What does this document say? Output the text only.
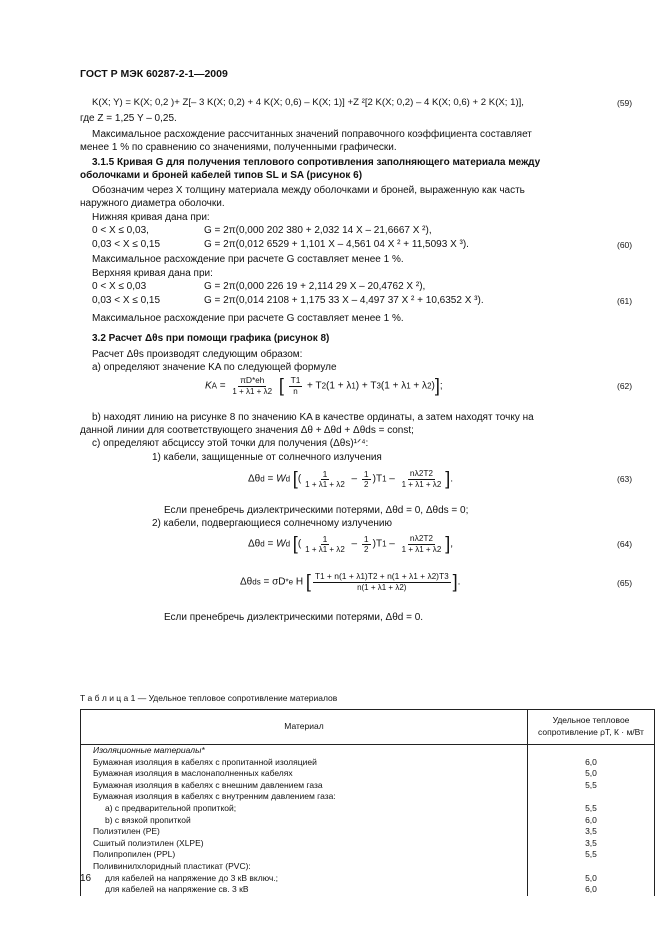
ГОСТ Р МЭК 60287-2-1—2009
K(X; Y) = K(X; 0,2 )+ Z[– 3 K(X; 0,2) + 4 K(X; 0,6) – K(X; 1)] +Z ²[2 K(X; 0,2) – 4 K(X; 0,6) + 2 K(X; 1)],	(59)
где Z = 1,25 Y – 0,25.
Максимальное расхождение рассчитанных значений поправочного коэффициента составляет
менее 1 % по сравнению со значениями, полученными графически.
3.1.5 Кривая G для получения теплового сопротивления заполняющего материала между
оболочками и броней кабелей типов SL и SA (рисунок 6)
Обозначим через X толщину материала между оболочками и броней, выраженную как часть
наружного диаметра оболочки.
Нижняя кривая дана при:
0 < X ≤ 0,03,	G = 2π(0,000 202 380 + 2,032 14 X – 21,6667 X ²),
0,03 < X ≤ 0,15	G = 2π(0,012 6529 + 1,101 X – 4,561 04 X ² + 11,5093 X ³).	(60)
Максимальное расхождение при расчете G составляет менее 1 %.
Верхняя кривая дана при:
0 < X ≤ 0,03	G = 2π(0,000 226 19 + 2,114 29 X – 20,4762 X ²),
0,03 < X ≤ 0,15	G = 2π(0,014 2108 + 1,175 33 X – 4,497 37 X ² + 10,6352 X ³).	(61)
Максимальное расхождение при расчете G составляет менее 1 %.
3.2 Расчет Δθs при помощи графика (рисунок 8)
Расчет Δθs производят следующим образом:
а) определяют значение KA по следующей формуле
KA = $\frac{\pi D*eh}{1 + \lambda 1 + \lambda 2}$ [ $\frac{T1}{n} + T2(1 + \lambda 1) + T3(1 + \lambda 1 + \lambda 2)$];	(62)
b) находят линию на рисунке 8 по значению KA в качестве ординаты, а затем находят точку на
данной линии для соответствующего значения Δθ + Δθd + Δθds = const;
c) определяют абсциссу этой точки для получения (Δθs)¹ᐟ⁴:
1) кабели, защищенные от солнечного излучения
Δθd = Wd [( $\frac{1}{1 + \lambda 1 + \lambda 2} - \frac{1}{2} )T1 - \frac{n\lambda 2T2}{1 + \lambda 1 + \lambda 2}$ ].	(63)
Если пренебречь диэлектрическими потерями, Δθd = 0, Δθds = 0;
2) кабели, подвергающиеся солнечному излучению
Δθd = Wd [( $\frac{1}{1 + \lambda 1 + \lambda 2} - \frac{1}{2} )T1 - \frac{n\lambda 2T2}{1 + \lambda 1 + \lambda 2}$ ],	(64)
Δθds = σD*e H [ $\frac{T1 + n(1 + \lambda 1)T2 + n(1 + \lambda 1 + \lambda 2)T3}{n(1 + \lambda 1 + \lambda 2)}$ ].	(65)
Если пренебречь диэлектрическими потерями, Δθd = 0.
Т а б л и ц а 1 — Удельное тепловое сопротивление материалов
Материал	Удельное тепловое
сопротивление ρT, К · м/Вт

Изоляционные материалы*	
Бумажная изоляция в кабелях с пропитанной изоляцией	6,0
Бумажная изоляция в маслонаполненных кабелях	5,0
Бумажная изоляция в кабелях с внешним давлением газа	5,5
Бумажная изоляция в кабелях с внутренним давлением газа:	
а) с предварительной пропиткой;	5,5
b) с вязкой пропиткой	6,0
Полиэтилен (PE)	3,5
Сшитый полиэтилен (XLPE)	3,5
Полипропилен (PPL)	5,5
Поливинилхлоридный пластикат (PVC):	
для кабелей на напряжение до 3 кВ включ.;	5,0
для кабелей на напряжение св. 3 кВ	6,0
16
